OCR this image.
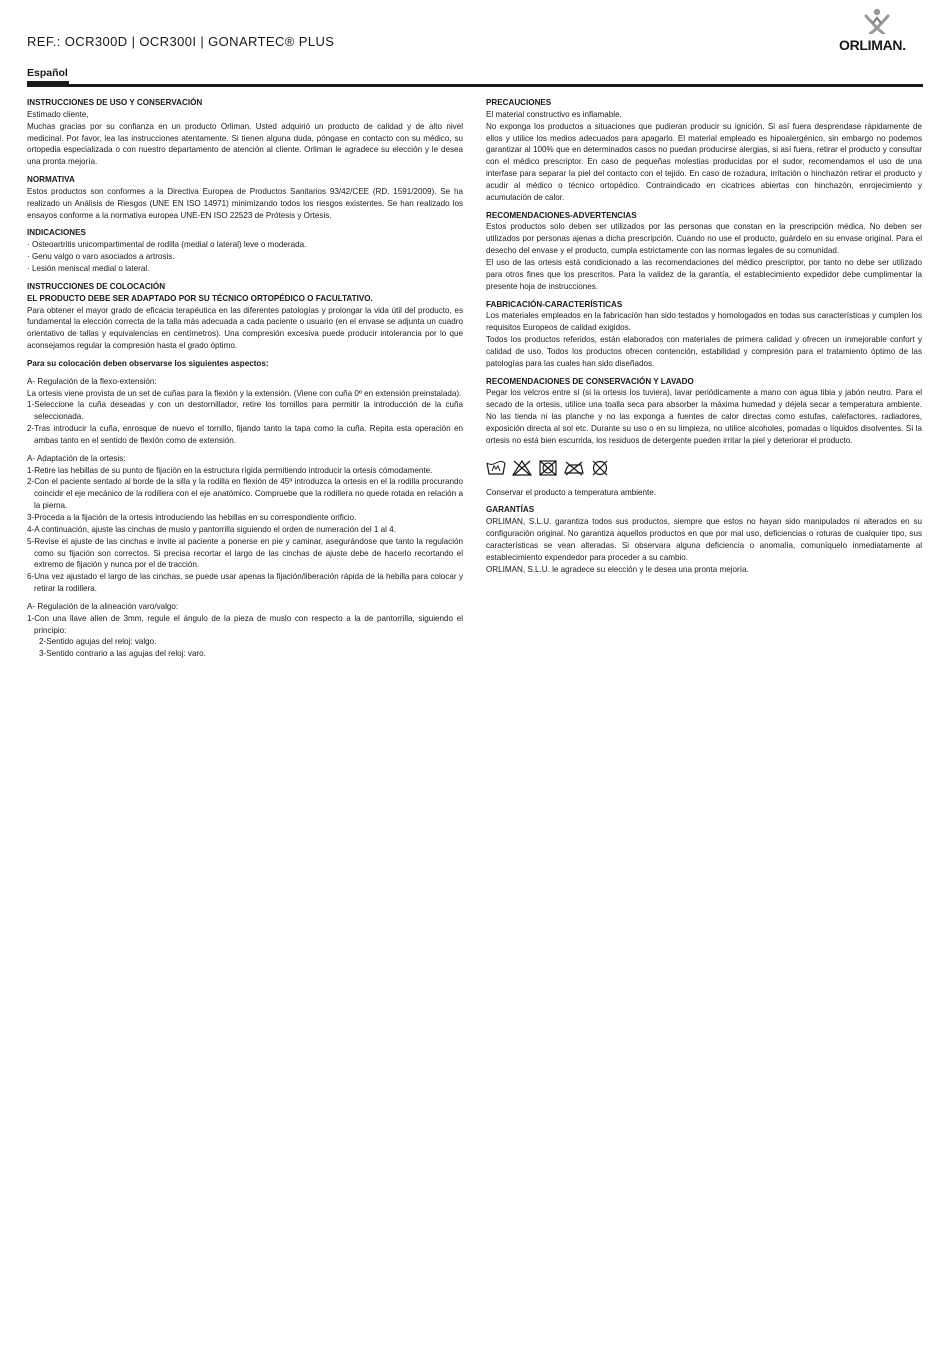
REF.: OCR300D | OCR300I | GONARTEC® PLUS	ORLIMAN.
Español

INSTRUCCIONES DE USO Y CONSERVACIÓN

Estimado cliente,

Muchas gracias por su confianza en un producto Orliman. Usted adquirió un producto de calidad y de alto nivel medicinal. Por favor, lea las instrucciones atentamente. Si tienen alguna duda, póngase en contacto con su médico, su ortopedia especializada o con nuestro departamento de atención al cliente. Orliman le agradece su elección y le desea una pronta mejoría.

NORMATIVA

Estos productos son conformes a la Directiva Europea de Productos Sanitarios 93/42/CEE (RD. 1591/2009). Se ha realizado un Análisis de Riesgos (UNE EN ISO 14971) minimizando todos los riesgos existentes. Se han realizado los ensayos conforme a la normativa europea UNE-EN ISO 22523 de Prótesis y Ortesis.

INDICACIONES

· Osteoartritis unicompartimental de rodilla (medial o lateral) leve o moderada.

· Genu valgo o varo asociados a artrosis.

· Lesión meniscal medial o lateral.

INSTRUCCIONES DE COLOCACIÓN

EL PRODUCTO DEBE SER ADAPTADO POR SU TÉCNICO ORTOPÉDICO O FACULTATIVO.

Para obtener el mayor grado de eficacia terapéutica en las diferentes patologías y prolongar la vida útil del producto, es fundamental la elección correcta de la talla más adecuada a cada paciente o usuario (en el envase se adjunta un cuadro orientativo de tallas y equivalencias en centímetros). Una compresión excesiva puede producir intolerancia por lo que aconsejamos regular la compresión hasta el grado óptimo.

Para su colocación deben observarse los siguientes aspectos:

A- Regulación de la flexo-extensión:

La ortesis viene provista de un set de cuñas para la flexión y la extensión. (Viene con cuña 0º en extensión preinstalada).

1-Seleccione la cuña deseadas y con un destornillador, retire los tornillos para permitir la introducción de la cuña seleccionada.

2-Tras introducir la cuña, enrosque de nuevo el tornillo, fijando tanto la tapa como la cuña. Repita esta operación en ambas tanto en el sentido de flexión como de extensión.

A- Adaptación de la ortesis:

1-Retire las hebillas de su punto de fijación en la estructura rígida permitiendo introducir la ortesis cómodamente.

2-Con el paciente sentado al borde de la silla y la rodilla en flexión de 45º introduzca la ortesis en el la rodilla procurando coincidir el eje mecánico de la rodillera con el eje anatómico. Compruebe que la rodillera no quede rotada en relación a la pierna.

3-Proceda a la fijación de la ortesis introduciendo las hebillas en su correspondiente orificio.

4-A continuación, ajuste las cinchas de muslo y pantorrilla siguiendo el orden de numeración del 1 al 4.

5-Revise el ajuste de las cinchas e invite al paciente a ponerse en pie y caminar, asegurándose que tanto la regulación como su fijación son correctos. Si precisa recortar el largo de las cinchas de ajuste debe de hacerlo recortando el extremo de fijación y nunca por el de tracción.

6-Una vez ajustado el largo de las cinchas, se puede usar apenas la fijación/liberación rápida de la hebilla para colocar y retirar la rodillera.

A- Regulación de la alineación varo/valgo:

1-Con una llave allen de 3mm, regule el ángulo de la pieza de muslo con respecto a la de pantorrilla, siguiendo el principio:

2-Sentido agujas del reloj: valgo.

3-Sentido contrario a las agujas del reloj: varo.

PRECAUCIONES

El material constructivo es inflamable.

No exponga los productos a situaciones que pudieran producir su ignición. Si así fuera desprendase rápidamente de ellos y utilice los medios adecuados para apagarlo. El material empleado es hipoalergénico, sin embargo no podemos garantizar al 100% que en determinados casos no puedan producirse alergias, si así fuera, retirar el producto y consultar con el médico prescriptor. En caso de pequeñas molestias producidas por el sudor, recomendamos el uso de una interfase para separar la piel del contacto con el tejido. En caso de rozadura, irritación o hinchazón retirar el producto y acudir al médico o técnico ortopédico. Contraindicado en cicatrices abiertas con hinchazón, enrojecimiento y acumulación de calor.

RECOMENDACIONES-ADVERTENCIAS

Estos productos solo deben ser utilizados por las personas que constan en la prescripción médica. No deben ser utilizados por personas ajenas a dicha prescripción. Cuando no use el producto, guárdelo en su envase original. Para el desecho del envase y el producto, cumpla estrictamente con las normas legales de su comunidad.

El uso de las ortesis está condicionado a las recomendaciones del médico prescriptor, por tanto no debe ser utilizado para otros fines que los prescritos. Para la validez de la garantía, el establecimiento expedidor debe cumplimentar la presente hoja de instrucciones.

FABRICACIÓN-CARACTERÍSTICAS

Los materiales empleados en la fabricación han sido testados y homologados en todas sus características y cumplen los requisitos Europeos de calidad exigidos.

Todos los productos referidos, están elaborados con materiales de primera calidad y ofrecen un inmejorable confort y calidad de uso. Todos los productos ofrecen contención, estabilidad y compresión para el tratamiento óptimo de las patologías para las cuales han sido diseñados.

RECOMENDACIONES DE CONSERVACIÓN Y LAVADO

Pegar los velcros entre sí (si la ortesis los tuviera), lavar periódicamente a mano con agua tibia y jabón neutro. Para el secado de la ortesis, utilice una toalla seca para absorber la máxima humedad y déjela secar a temperatura ambiente. No las tienda ni las planche y no las exponga a fuentes de calor directas como estufas, calefactores, radiadores, exposición directa al sol etc. Durante su uso o en su limpieza, no utilice alcoholes, pomadas o líquidos disolventes. Si la ortesis no está bien escurrida, los residuos de detergente pueden irritar la piel y deteriorar el producto.

Conservar el producto a temperatura ambiente.

GARANTÍAS

ORLIMAN, S.L.U. garantiza todos sus productos, siempre que estos no hayan sido manipulados ni alterados en su configuración original. No garantiza aquellos productos en que por mal uso, deficiencias o roturas de cualquier tipo, sus características se vean alteradas. Si observara alguna deficiencia o anomalía, comuníquelo inmediatamente al establecimiento expendedor para proceder a su cambio.

ORLIMAN, S.L.U. le agradece su elección y le desea una pronta mejoría.
